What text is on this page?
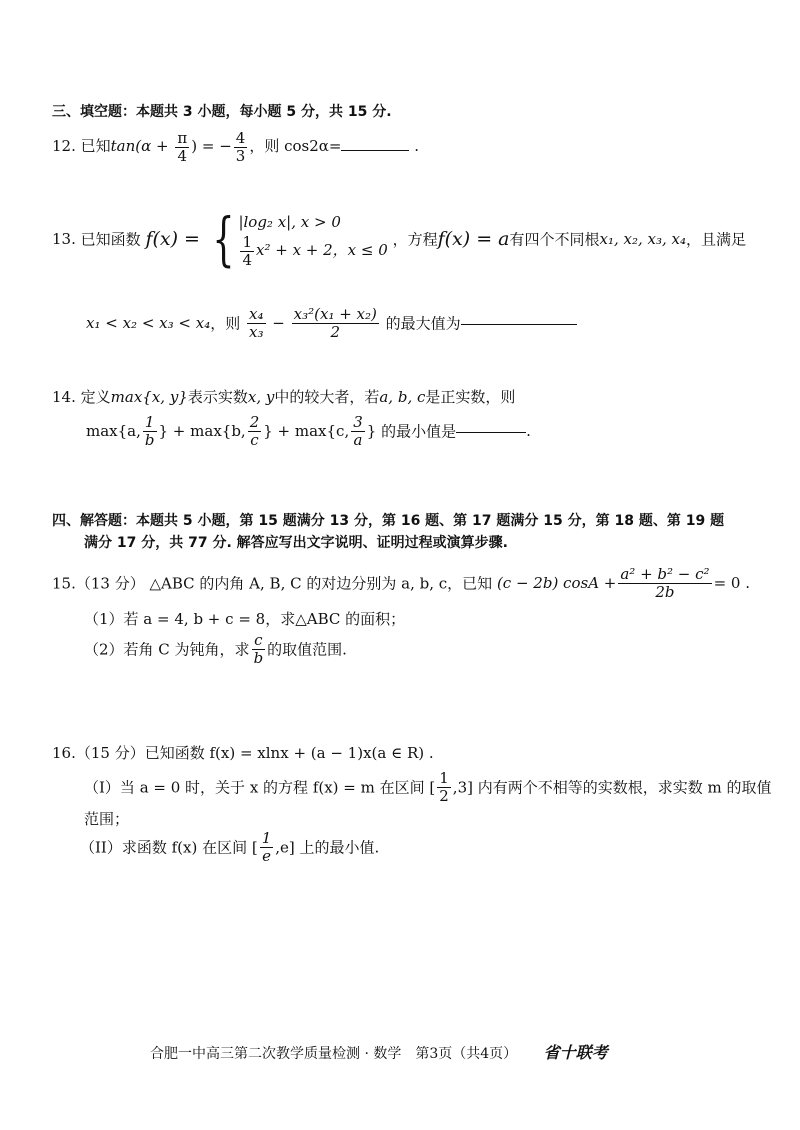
三、填空题：本题共 3 小题，每小题 5 分，共 15 分.
12. 已知$\tan(\alpha + \frac{\pi}{4}$ ) = − $\frac{4}{3}$ ，则 cos2α=	.
13. 已知函数 f(x) = { |log₂ x|, x > 0
$\frac{1}{4} x^2 + x + 2$，x ≤ 0
，方程f(x) = a有四个不同根x₁, x₂, x₃, x₄，且满足
x₁ < x₂ < x₃ < x₄，则 $\frac{\text{x₄}}{\text{x₃}} - \frac{\text{x₃²(x₁ + x₂)}}{2}$ 的最大值为
14. 定义max{x, y}表示实数x, y中的较大者，若a, b, c是正实数，则
max{a, $\frac{1}{b}$ } + max{b, $\frac{2}{c}$ } + max{c, $\frac{3}{a}$ } 的最小值是	.
四、解答题：本题共 5 小题，第 15 题满分 13 分，第 16 题、第 17 题满分 15 分，第 18 题、第 19 题
满分 17 分，共 77 分. 解答应写出文字说明、证明过程或演算步骤.
15.（13 分） △ABC 的内角 A, B, C 的对边分别为 a, b, c，已知 (c − 2b) $\cos A + \frac{\text{a² + b² − c²}}{2b} = 0$ .
（1）若 a = 4, b + c = 8，求△ABC 的面积；
（2）若角 C 为钝角，求 $\frac{c}{b}$ 的取值范围.
16.（15 分）已知函数 f(x) = xlnx + (a − 1)x(a ∈ R) .
（I）当 a = 0 时，关于 x 的方程 f(x) = m 在区间 [ $\frac{1}{2} ,3$] 内有两个不相等的实数根，求实数 m 的取值
范围；
（II）求函数 f(x) 在区间 [ $\frac{1}{e} ,e$] 上的最小值.
合肥一中高三第二次教学质量检测 · 数学　第3页（共4页） 省十联考
